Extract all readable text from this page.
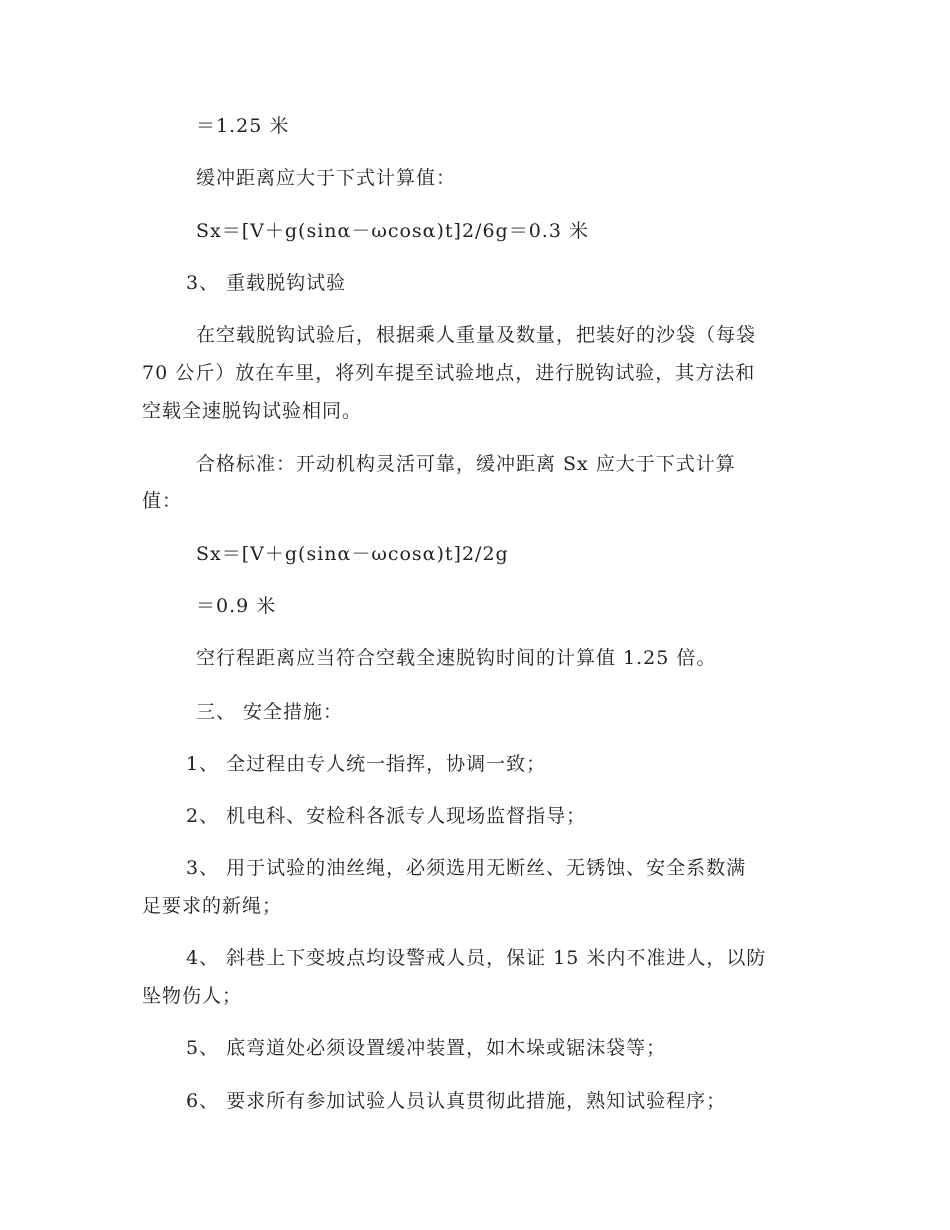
＝1.25 米
缓冲距离应大于下式计算值：
Sx＝[V＋g(sinα－ωcosα)t]2/6g＝0.3 米
3、 重载脱钩试验
在空载脱钩试验后，根据乘人重量及数量，把装好的沙袋（每袋
70 公斤）放在车里，将列车提至试验地点，进行脱钩试验，其方法和
空载全速脱钩试验相同。
合格标准：开动机构灵活可靠，缓冲距离 Sx 应大于下式计算
值：
Sx＝[V＋g(sinα－ωcosα)t]2/2g
＝0.9 米
空行程距离应当符合空载全速脱钩时间的计算值 1.25 倍。
三、 安全措施：
1、 全过程由专人统一指挥，协调一致；
2、 机电科、安检科各派专人现场监督指导；
3、 用于试验的油丝绳，必须选用无断丝、无锈蚀、安全系数满
足要求的新绳；
4、 斜巷上下变坡点均设警戒人员，保证 15 米内不准进人，以防
坠物伤人；
5、 底弯道处必须设置缓冲装置，如木垛或锯沫袋等；
6、 要求所有参加试验人员认真贯彻此措施，熟知试验程序；
